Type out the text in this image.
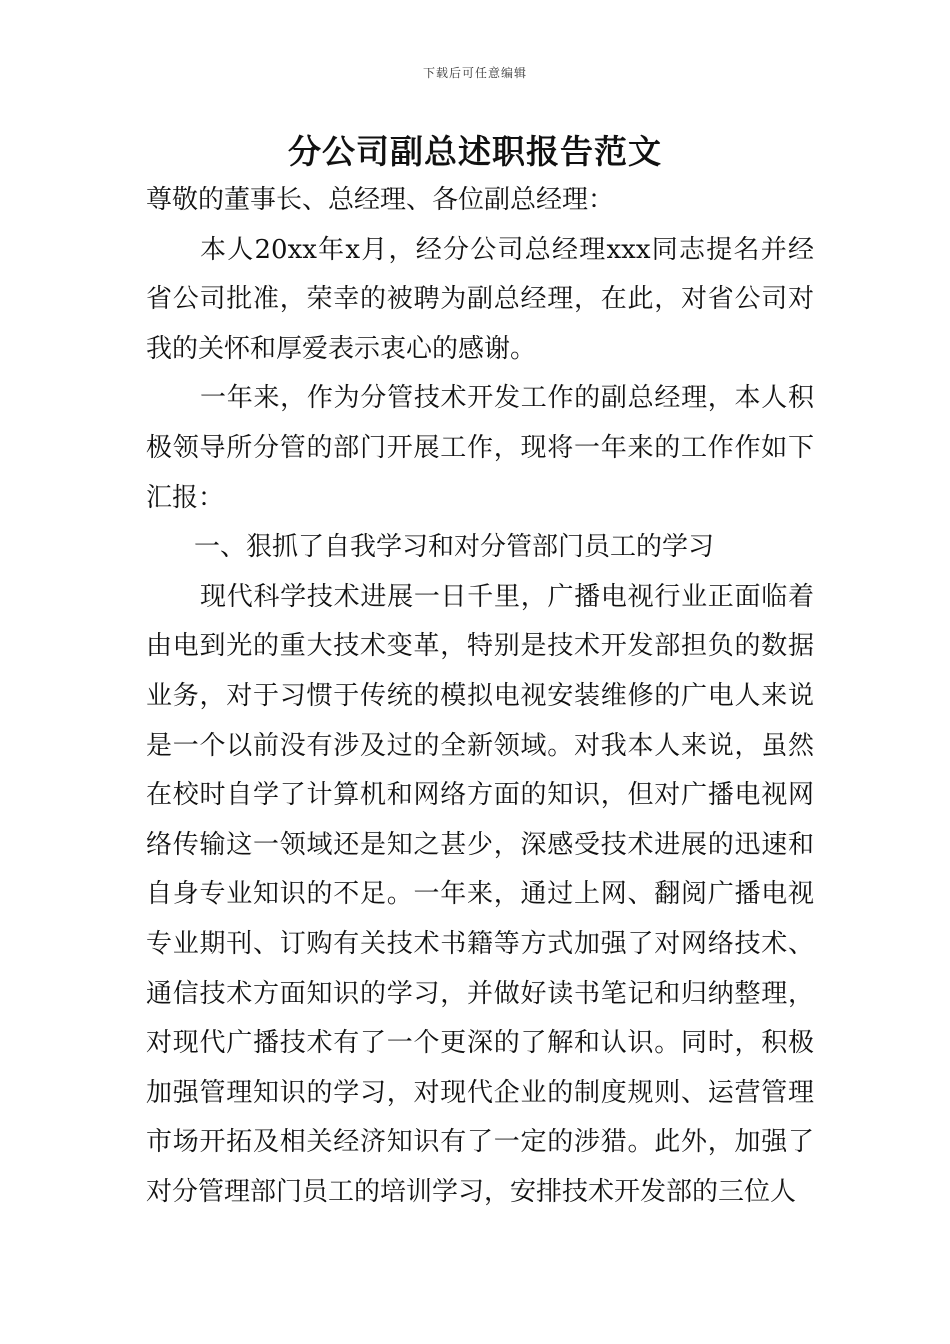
下载后可任意编辑
分公司副总述职报告范文

尊敬的董事长、总经理、各位副总经理：

本人20xx年x月，经分公司总经理xxx同志提名并经省公司批准，荣幸的被聘为副总经理，在此，对省公司对我的关怀和厚爱表示衷心的感谢。

一年来，作为分管技术开发工作的副总经理，本人积极领导所分管的部门开展工作，现将一年来的工作作如下汇报：

一、狠抓了自我学习和对分管部门员工的学习

现代科学技术进展一日千里，广播电视行业正面临着由电到光的重大技术变革，特别是技术开发部担负的数据业务，对于习惯于传统的模拟电视安装维修的广电人来说是一个以前没有涉及过的全新领域。对我本人来说，虽然在校时自学了计算机和网络方面的知识，但对广播电视网络传输这一领域还是知之甚少，深感受技术进展的迅速和自身专业知识的不足。一年来，通过上网、翻阅广播电视专业期刊、订购有关技术书籍等方式加强了对网络技术、通信技术方面知识的学习，并做好读书笔记和归纳整理，对现代广播技术有了一个更深的了解和认识。同时，积极加强管理知识的学习，对现代企业的制度规则、运营管理市场开拓及相关经济知识有了一定的涉猎。此外，加强了对分管理部门员工的培训学习，安排技术开发部的三位人
